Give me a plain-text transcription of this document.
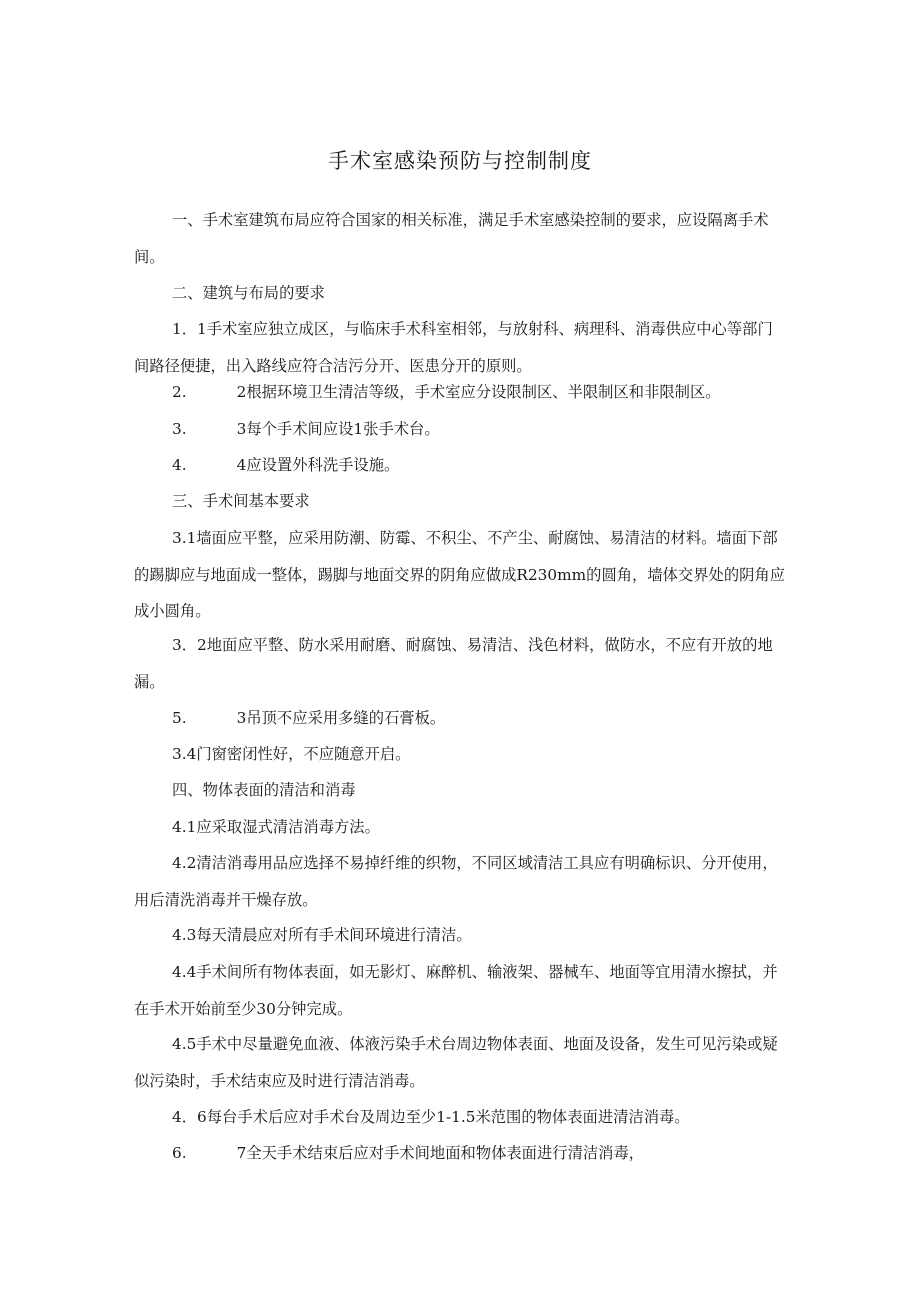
手术室感染预防与控制制度

一、手术室建筑布局应符合国家的相关标准，满足手术室感染控制的要求，应设隔离手术间。

二、建筑与布局的要求

1．1手术室应独立成区，与临床手术科室相邻，与放射科、病理科、消毒供应中心等部门间路径便捷，出入路线应符合洁污分开、医患分开的原则。

2.	2根据环境卫生清洁等级，手术室应分设限制区、半限制区和非限制区。

3.	3每个手术间应设1张手术台。

4.	4应设置外科洗手设施。

三、手术间基本要求

3.1墙面应平整，应采用防潮、防霉、不积尘、不产尘、耐腐蚀、易清洁的材料。墙面下部的踢脚应与地面成一整体，踢脚与地面交界的阴角应做成R230mm的圆角，墙体交界处的阴角应成小圆角。

3．2地面应平整、防水采用耐磨、耐腐蚀、易清洁、浅色材料，做防水，不应有开放的地漏。

5.	3吊顶不应采用多缝的石膏板。

3.4门窗密闭性好，不应随意开启。

四、物体表面的清洁和消毒

4.1应采取湿式清洁消毒方法。

4.2清洁消毒用品应选择不易掉纤维的织物，不同区域清洁工具应有明确标识、分开使用，用后清洗消毒并干燥存放。

4.3每天清晨应对所有手术间环境进行清洁。

4.4手术间所有物体表面，如无影灯、麻醉机、输液架、器械车、地面等宜用清水擦拭，并在手术开始前至少30分钟完成。

4.5手术中尽量避免血液、体液污染手术台周边物体表面、地面及设备，发生可见污染或疑似污染时，手术结束应及时进行清洁消毒。

4．6每台手术后应对手术台及周边至少1-1.5米范围的物体表面进清洁消毒。

6.	7全天手术结束后应对手术间地面和物体表面进行清洁消毒，
